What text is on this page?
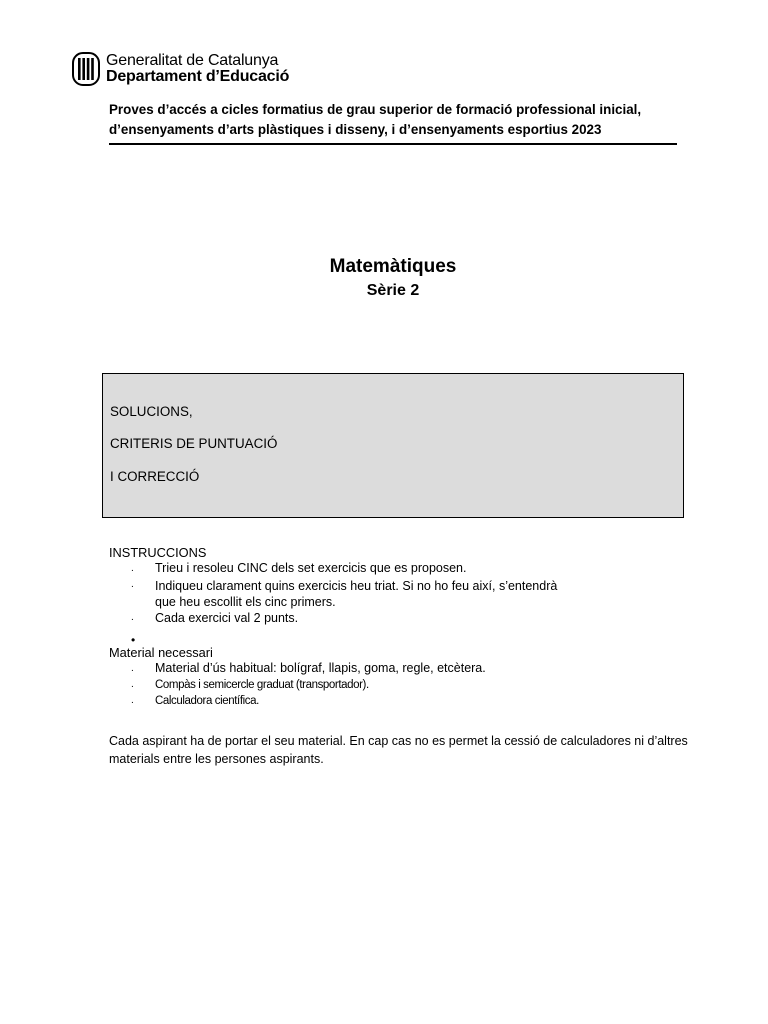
Generalitat de Catalunya
Departament d’Educació
Proves d’accés a cicles formatius de grau superior de formació professional inicial,
d’ensenyaments d’arts plàstiques i disseny, i d’ensenyaments esportius 2023
Matemàtiques
Sèrie 2
SOLUCIONS,
CRITERIS DE PUNTUACIÓ
I CORRECCIÓ
INSTRUCCIONS
. Trieu i resoleu CINC dels set exercicis que es proposen.
. Indiqueu clarament quins exercicis heu triat. Si no ho feu així, s’entendrà
que heu escollit els cinc primers.
. Cada exercici val 2 punts.
•
Material necessari
. Material d’ús habitual: bolígraf, llapis, goma, regle, etcètera.
. Compàs i semicercle graduat (transportador).
. Calculadora científica.
Cada aspirant ha de portar el seu material. En cap cas no es permet la cessió de calculadores ni d’altres materials entre les persones aspirants.
